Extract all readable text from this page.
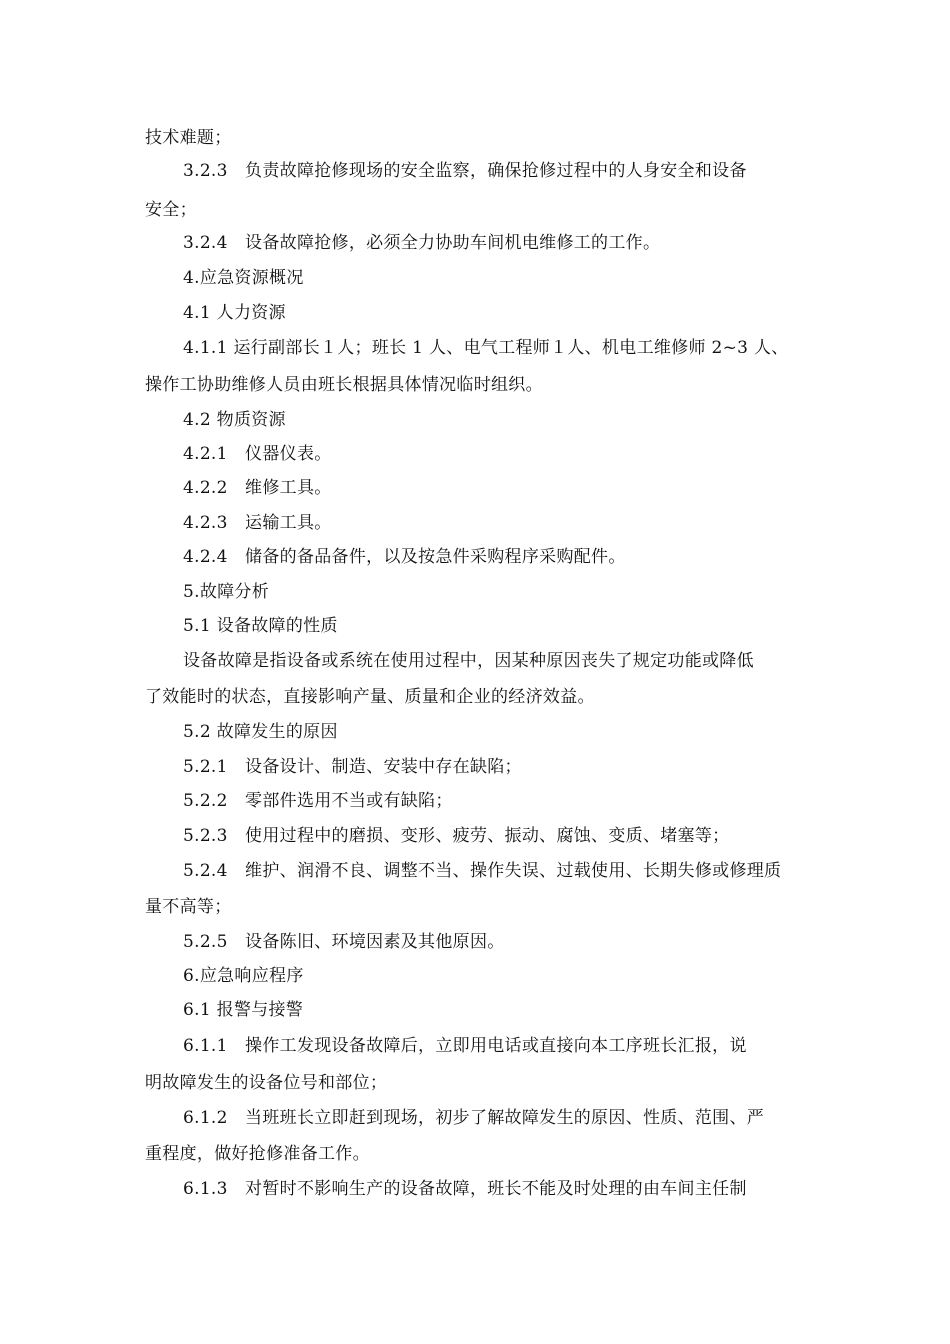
技术难题；
3.2.3　负责故障抢修现场的安全监察，确保抢修过程中的人身安全和设备
安全；
3.2.4　设备故障抢修，必须全力协助车间机电维修工的工作。
4.应急资源概况
4.1 人力资源
4.1.1 运行副部长１人；班长 1 人、电气工程师１人、机电工维修师 2~3 人、
操作工协助维修人员由班长根据具体情况临时组织。
4.2 物质资源
4.2.1　仪器仪表。
4.2.2　维修工具。
4.2.3　运输工具。
4.2.4　储备的备品备件，以及按急件采购程序采购配件。
5.故障分析
5.1 设备故障的性质
设备故障是指设备或系统在使用过程中，因某种原因丧失了规定功能或降低
了效能时的状态，直接影响产量、质量和企业的经济效益。
5.2 故障发生的原因
5.2.1　设备设计、制造、安装中存在缺陷；
5.2.2　零部件选用不当或有缺陷；
5.2.3　使用过程中的磨损、变形、疲劳、振动、腐蚀、变质、堵塞等；
5.2.4　维护、润滑不良、调整不当、操作失误、过载使用、长期失修或修理质
量不高等；
5.2.5　设备陈旧、环境因素及其他原因。
6.应急响应程序
6.1 报警与接警
6.1.1　操作工发现设备故障后，立即用电话或直接向本工序班长汇报，说
明故障发生的设备位号和部位；
6.1.2　当班班长立即赶到现场，初步了解故障发生的原因、性质、范围、严
重程度，做好抢修准备工作。
6.1.3　对暂时不影响生产的设备故障，班长不能及时处理的由车间主任制
